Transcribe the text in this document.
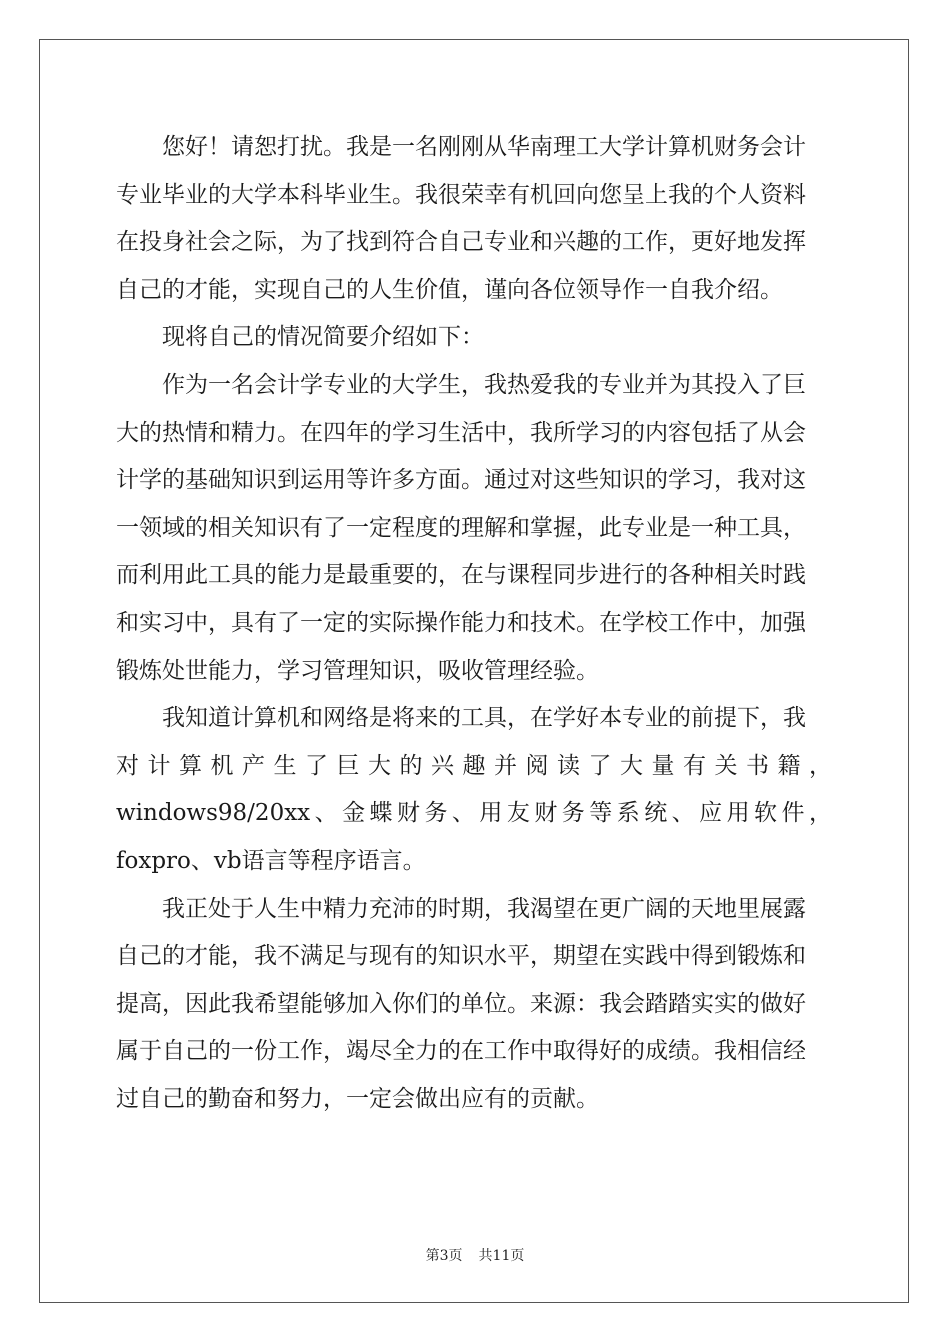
您好！请恕打扰。我是一名刚刚从华南理工大学计算机财务会计
专业毕业的大学本科毕业生。我很荣幸有机回向您呈上我的个人资料
在投身社会之际，为了找到符合自己专业和兴趣的工作，更好地发挥
自己的才能，实现自己的人生价值，谨向各位领导作一自我介绍。
现将自己的情况简要介绍如下：
作为一名会计学专业的大学生，我热爱我的专业并为其投入了巨
大的热情和精力。在四年的学习生活中，我所学习的内容包括了从会
计学的基础知识到运用等许多方面。通过对这些知识的学习，我对这
一领域的相关知识有了一定程度的理解和掌握，此专业是一种工具，
而利用此工具的能力是最重要的，在与课程同步进行的各种相关时践
和实习中，具有了一定的实际操作能力和技术。在学校工作中，加强
锻炼处世能力，学习管理知识，吸收管理经验。
我知道计算机和网络是将来的工具，在学好本专业的前提下，我
对计算机产生了巨大的兴趣并阅读了大量有关书籍，
windows98/20xx、金蝶财务、用友财务等系统、应用软件，
foxpro、vb语言等程序语言。
我正处于人生中精力充沛的时期，我渴望在更广阔的天地里展露
自己的才能，我不满足与现有的知识水平，期望在实践中得到锻炼和
提高，因此我希望能够加入你们的单位。来源：我会踏踏实实的做好
属于自己的一份工作，竭尽全力的在工作中取得好的成绩。我相信经
过自己的勤奋和努力，一定会做出应有的贡献。
第3页 共11页
